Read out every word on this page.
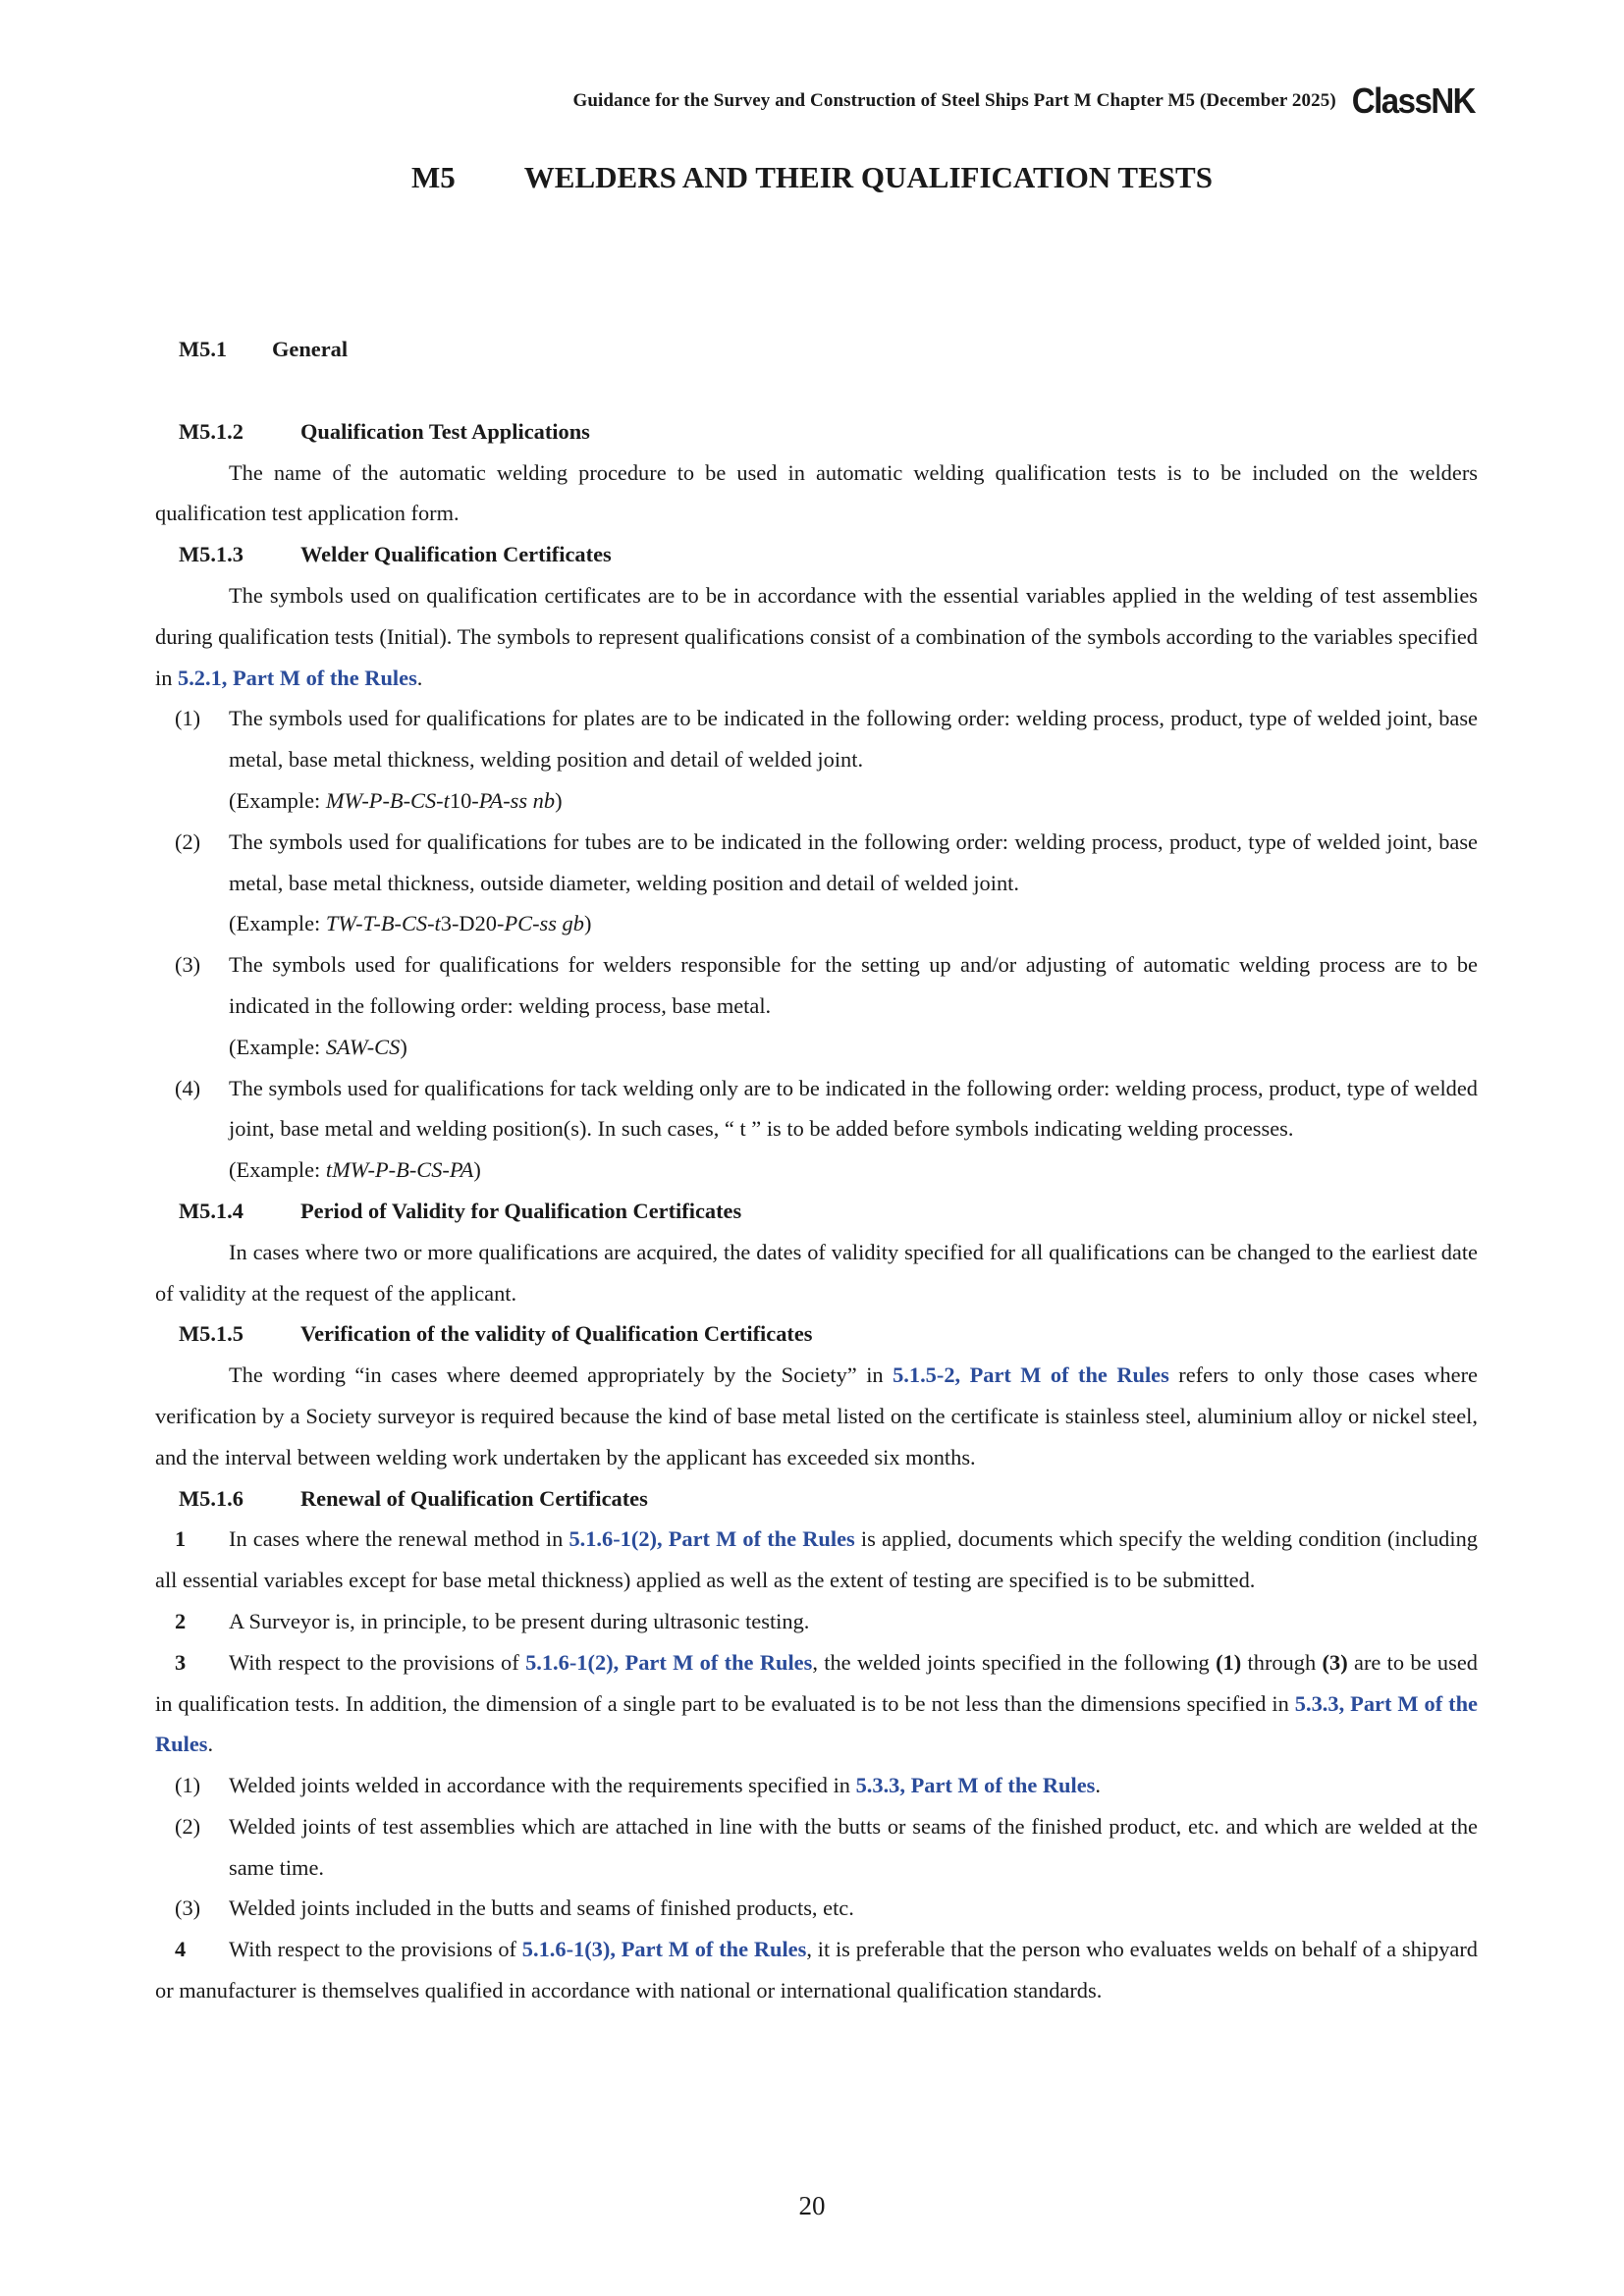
Guidance for the Survey and Construction of Steel Ships Part M Chapter M5 (December 2025) ClassNK
M5 WELDERS AND THEIR QUALIFICATION TESTS
M5.1	General
M5.1.2	Qualification Test Applications

The name of the automatic welding procedure to be used in automatic welding qualification tests is to be included on the welders qualification test application form.

M5.1.3	Welder Qualification Certificates

The symbols used on qualification certificates are to be in accordance with the essential variables applied in the welding of test assemblies during qualification tests (Initial). The symbols to represent qualifications consist of a combination of the symbols according to the variables specified in 5.2.1, Part M of the Rules.

(1)	The symbols used for qualifications for plates are to be indicated in the following order: welding process, product, type of welded joint, base metal, base metal thickness, welding position and detail of welded joint.
(Example: MW-P-B-CS-t10-PA-ss nb)
(2)	The symbols used for qualifications for tubes are to be indicated in the following order: welding process, product, type of welded joint, base metal, base metal thickness, outside diameter, welding position and detail of welded joint.
(Example: TW-T-B-CS-t3-D20-PC-ss gb)
(3)	The symbols used for qualifications for welders responsible for the setting up and/or adjusting of automatic welding process are to be indicated in the following order: welding process, base metal.
(Example: SAW-CS)
(4)	The symbols used for qualifications for tack welding only are to be indicated in the following order: welding process, product, type of welded joint, base metal and welding position(s). In such cases, “ t ” is to be added before symbols indicating welding processes.
(Example: tMW-P-B-CS-PA)
M5.1.4	Period of Validity for Qualification Certificates

In cases where two or more qualifications are acquired, the dates of validity specified for all qualifications can be changed to the earliest date of validity at the request of the applicant.

M5.1.5	Verification of the validity of Qualification Certificates

The wording “in cases where deemed appropriately by the Society” in 5.1.5-2, Part M of the Rules refers to only those cases where verification by a Society surveyor is required because the kind of base metal listed on the certificate is stainless steel, aluminium alloy or nickel steel, and the interval between welding work undertaken by the applicant has exceeded six months.

M5.1.6	Renewal of Qualification Certificates

1 In cases where the renewal method in 5.1.6-1(2), Part M of the Rules is applied, documents which specify the welding condition (including all essential variables except for base metal thickness) applied as well as the extent of testing are specified is to be submitted.

2 A Surveyor is, in principle, to be present during ultrasonic testing.

3 With respect to the provisions of 5.1.6-1(2), Part M of the Rules, the welded joints specified in the following (1) through (3) are to be used in qualification tests. In addition, the dimension of a single part to be evaluated is to be not less than the dimensions specified in 5.3.3, Part M of the Rules.

(1)	Welded joints welded in accordance with the requirements specified in 5.3.3, Part M of the Rules.
(2)	Welded joints of test assemblies which are attached in line with the butts or seams of the finished product, etc. and which are welded at the same time.
(3)	Welded joints included in the butts and seams of finished products, etc.

4 With respect to the provisions of 5.1.6-1(3), Part M of the Rules, it is preferable that the person who evaluates welds on behalf of a shipyard or manufacturer is themselves qualified in accordance with national or international qualification standards.

20
